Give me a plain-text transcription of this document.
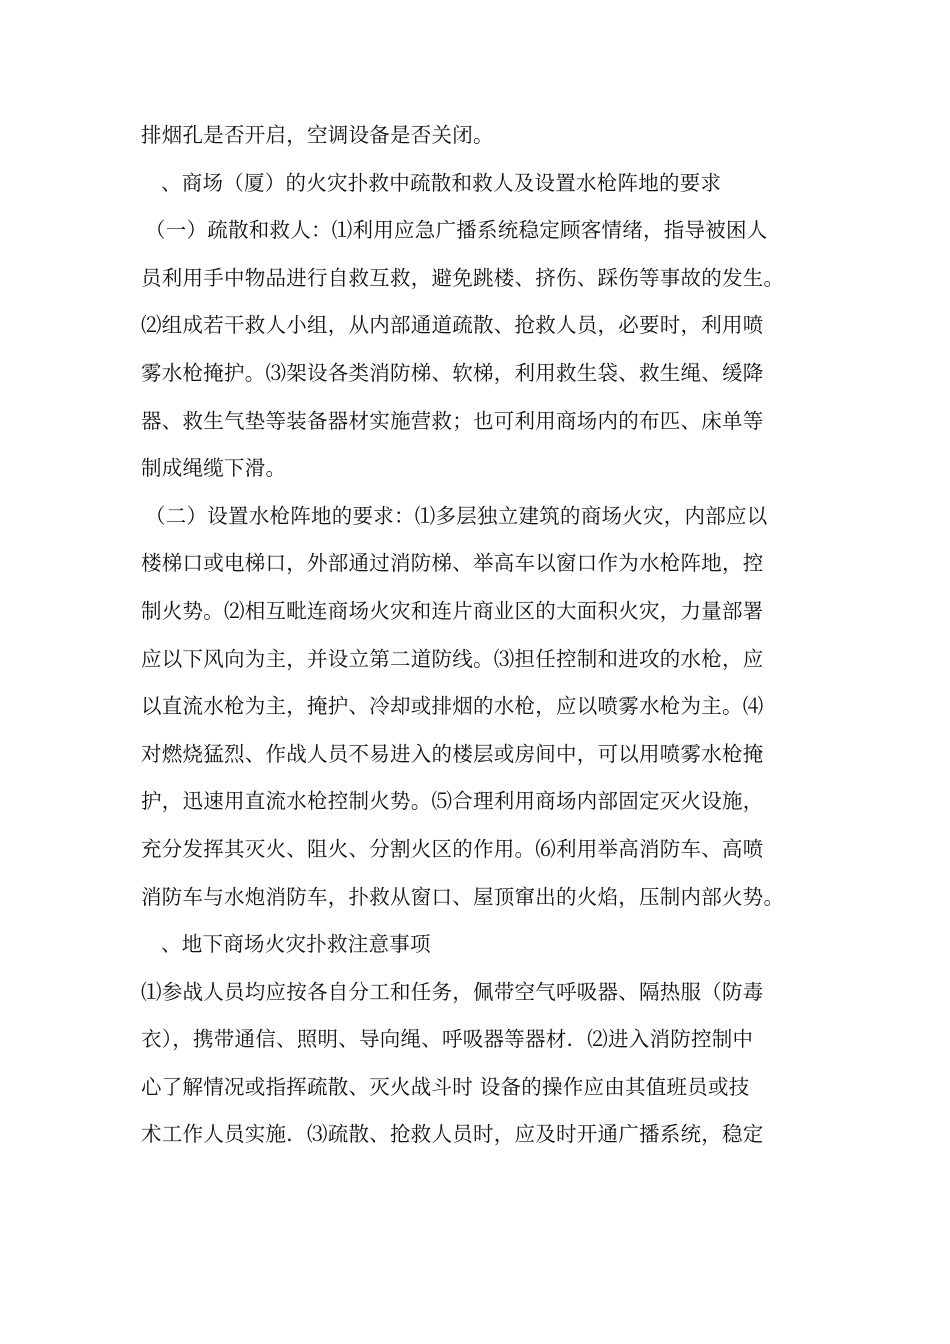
排烟孔是否开启，空调设备是否关闭。
、商场（厦）的火灾扑救中疏散和救人及设置水枪阵地的要求
（一）疏散和救人：⑴利用应急广播系统稳定顾客情绪，指导被困人
员利用手中物品进行自救互救，避免跳楼、挤伤、踩伤等事故的发生。
⑵组成若干救人小组，从内部通道疏散、抢救人员，必要时，利用喷
雾水枪掩护。⑶架设各类消防梯、软梯，利用救生袋、救生绳、缓降
器、救生气垫等装备器材实施营救；也可利用商场内的布匹、床单等
制成绳缆下滑。
（二）设置水枪阵地的要求：⑴多层独立建筑的商场火灾，内部应以
楼梯口或电梯口，外部通过消防梯、举高车以窗口作为水枪阵地，控
制火势。⑵相互毗连商场火灾和连片商业区的大面积火灾，力量部署
应以下风向为主，并设立第二道防线。⑶担任控制和进攻的水枪，应
以直流水枪为主，掩护、冷却或排烟的水枪，应以喷雾水枪为主。⑷
对燃烧猛烈、作战人员不易进入的楼层或房间中，可以用喷雾水枪掩
护，迅速用直流水枪控制火势。⑸合理利用商场内部固定灭火设施，
充分发挥其灭火、阻火、分割火区的作用。⑹利用举高消防车、高喷
消防车与水炮消防车，扑救从窗口、屋顶窜出的火焰，压制内部火势。
、地下商场火灾扑救注意事项
⑴参战人员均应按各自分工和任务，佩带空气呼吸器、隔热服（防毒
衣），携带通信、照明、导向绳、呼吸器等器材．⑵进入消防控制中
心了解情况或指挥疏散、灭火战斗时 设备的操作应由其值班员或技
术工作人员实施．⑶疏散、抢救人员时，应及时开通广播系统，稳定
